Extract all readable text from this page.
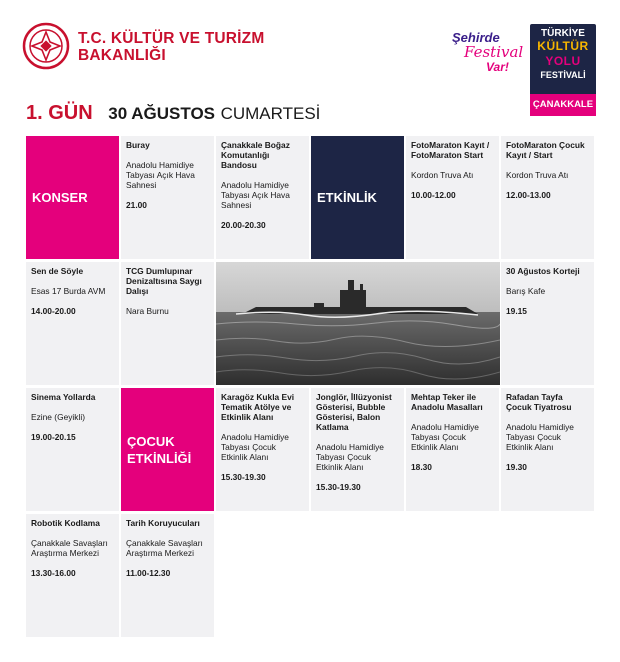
T.C. KÜLTÜR VE TURİZM
BAKANLIĞI
Şehirde
Festival
Var!
TÜRKİYE
KÜLTÜR
YOLU
FESTİVALİ
ÇANAKKALE
1. GÜN 30 AĞUSTOS CUMARTESİ
KONSER
Buray
Anadolu Hamidiye Tabyası Açık Hava Sahnesi
21.00
Çanakkale Boğaz Komutanlığı Bandosu
Anadolu Hamidiye Tabyası Açık Hava Sahnesi
20.00-20.30
ETKİNLİK
FotoMaraton Kayıt / FotoMaraton Start
Kordon Truva Atı
10.00-12.00
FotoMaraton Çocuk Kayıt / Start
Kordon Truva Atı
12.00-13.00
Sen de Söyle
Esas 17 Burda AVM
14.00-20.00
TCG Dumlupınar Denizaltısına Saygı Dalışı
Nara Burnu
30 Ağustos Korteji
Barış Kafe
19.15
Sinema Yollarda
Ezine (Geyikli)
19.00-20.15	ÇOCUK ETKİNLİĞİ
Karagöz Kukla Evi Tematik Atölye ve Etkinlik Alanı
Anadolu Hamidiye Tabyası Çocuk Etkinlik Alanı
15.30-19.30
Jonglör, İllüzyonist Gösterisi, Bubble Gösterisi, Balon Katlama
Anadolu Hamidiye Tabyası Çocuk Etkinlik Alanı
15.30-19.30
Mehtap Teker ile Anadolu Masalları
Anadolu Hamidiye Tabyası Çocuk Etkinlik Alanı
18.30
Rafadan Tayfa Çocuk Tiyatrosu
Anadolu Hamidiye Tabyası Çocuk Etkinlik Alanı
19.30
Robotik Kodlama
Çanakkale Savaşları Araştırma Merkezi
13.30-16.00
Tarih Koruyucuları
Çanakkale Savaşları Araştırma Merkezi
11.00-12.30
